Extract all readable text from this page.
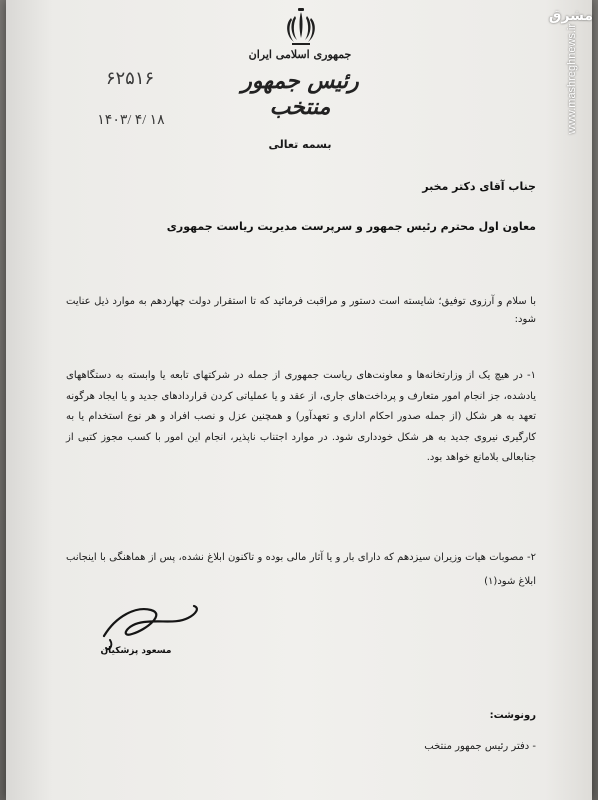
جمهوری اسلامی ایران
رئیس جمهور منتخب
۶۲۵۱۶
۱۴۰۳/ ۴/ ۱۸
بسمه تعالی
جناب آقای دکتر مخبر
معاون اول محترم رئیس جمهور و سرپرست مدیریت ریاست جمهوری
با سلام و آرزوی توفیق؛ شایسته است دستور و مراقبت فرمائید که تا استقرار دولت چهاردهم به موارد ذیل عنایت شود:
۱- در هیچ یک از وزارتخانه‌ها و معاونت‌های ریاست جمهوری از جمله در شرکتهای تابعه یا وابسته به دستگاههای یادشده، جز انجام امور متعارف و پرداخت‌های جاری، از عقد و یا عملیاتی کردن قراردادهای جدید و یا ایجاد هرگونه تعهد به هر شکل (از جمله صدور احکام اداری و تعهدآور) و همچنین عزل و نصب افراد و هر نوع استخدام یا به کارگیری نیروی جدید به هر شکل خودداری شود. در موارد اجتناب ناپذیر، انجام این امور با کسب مجوز کتبی از جنابعالی بلامانع خواهد بود.
۲- مصوبات هیات وزیران سیزدهم که دارای بار و یا آثار مالی بوده و تاکنون ابلاغ نشده، پس از هماهنگی با اینجانب ابلاغ شود(۱)
مسعود پزشکیان
رونوشت:
- دفتر رئیس جمهور منتخب
مشرق
www.mashreghnews.ir
